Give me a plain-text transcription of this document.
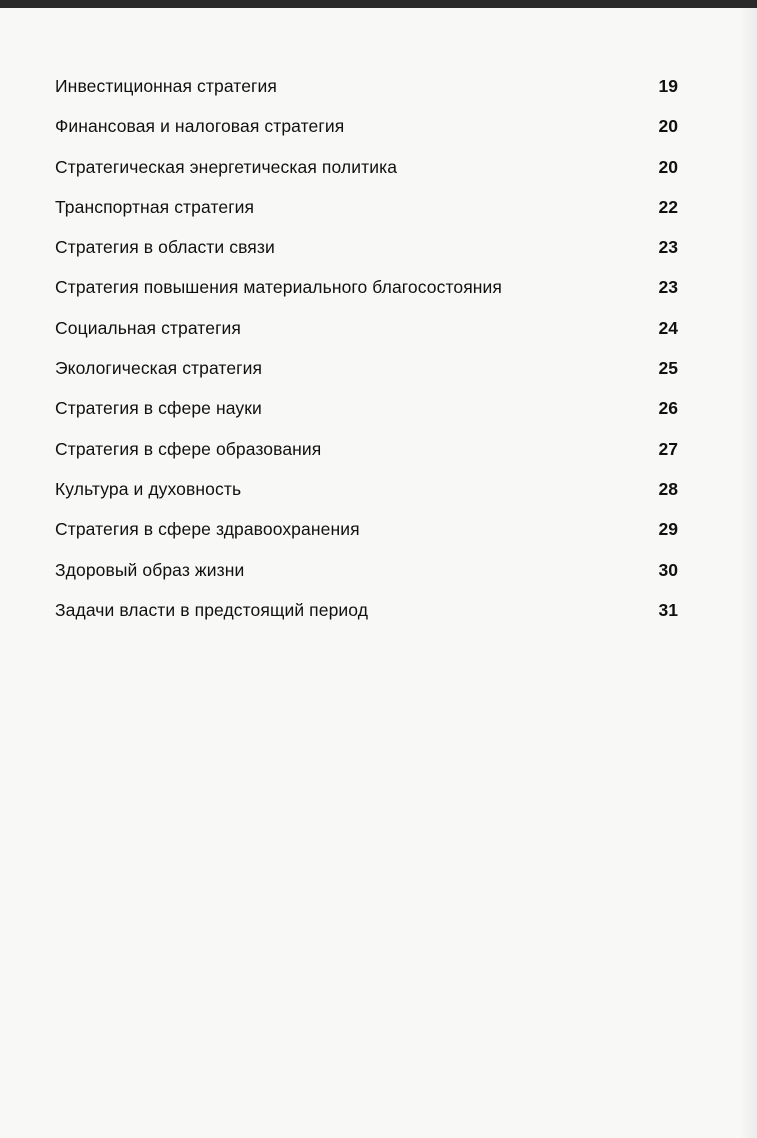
Инвестиционная стратегия	19
Финансовая и налоговая стратегия	20
Стратегическая энергетическая политика	20
Транспортная стратегия	22
Стратегия в области связи	23
Стратегия повышения материального благосостояния	23
Социальная стратегия	24
Экологическая стратегия	25
Стратегия в сфере науки	26
Стратегия в сфере образования	27
Культура и духовность	28
Стратегия в сфере здравоохранения	29
Здоровый образ жизни	30
Задачи власти в предстоящий период	31
